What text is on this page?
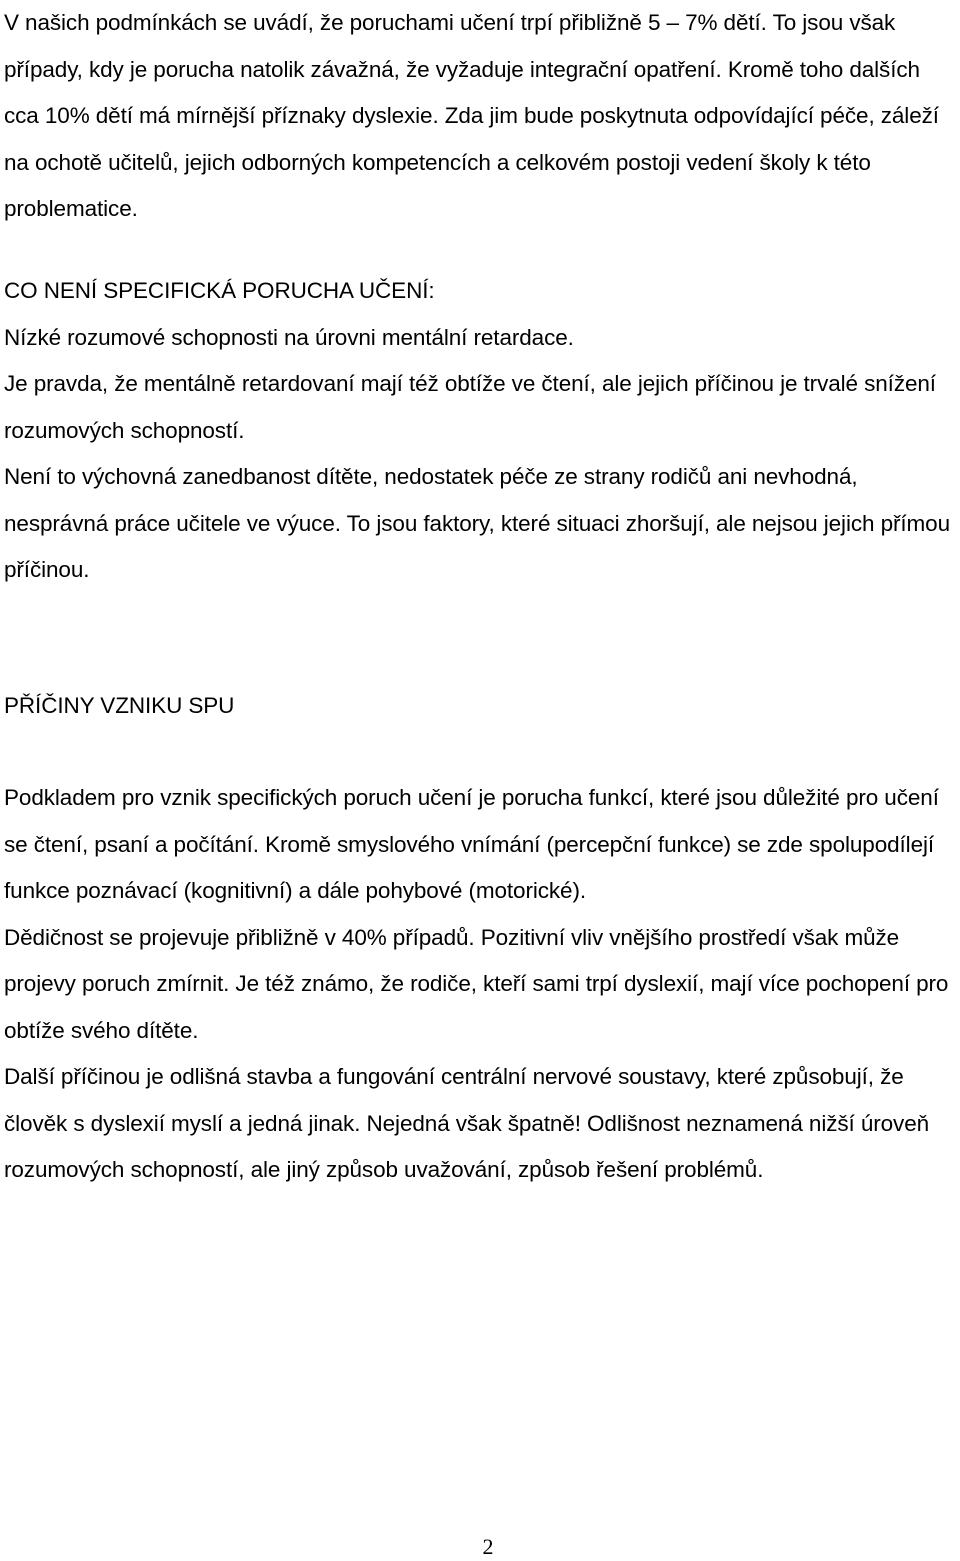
V našich podmínkách se uvádí, že poruchami učení trpí přibližně 5 – 7% dětí. To jsou však případy, kdy je porucha natolik závažná, že vyžaduje integrační opatření. Kromě toho dalších cca 10% dětí má mírnější příznaky dyslexie. Zda jim bude poskytnuta odpovídající péče, záleží na ochotě učitelů, jejich odborných kompetencích a celkovém postoji vedení školy k této problematice.

CO NENÍ SPECIFICKÁ PORUCHA UČENÍ:

Nízké rozumové schopnosti na úrovni mentální retardace.

Je pravda, že mentálně retardovaní mají též obtíže ve čtení, ale jejich příčinou je trvalé snížení rozumových schopností.

Není to výchovná zanedbanost dítěte, nedostatek péče ze strany rodičů ani nevhodná, nesprávná práce učitele ve výuce. To jsou faktory, které situaci zhoršují, ale nejsou jejich přímou příčinou.

PŘÍČINY VZNIKU SPU

Podkladem pro vznik specifických poruch učení je porucha funkcí, které jsou důležité pro učení se čtení, psaní a počítání. Kromě smyslového vnímání (percepční funkce) se zde spolupodílejí funkce poznávací (kognitivní) a dále pohybové (motorické).

Dědičnost se projevuje přibližně v 40% případů. Pozitivní vliv vnějšího prostředí však může projevy poruch zmírnit. Je též známo, že rodiče, kteří sami trpí dyslexií, mají více pochopení pro obtíže svého dítěte.

Další příčinou je odlišná stavba a fungování centrální nervové soustavy, které způsobují, že člověk s dyslexií myslí a jedná jinak. Nejedná však špatně! Odlišnost neznamená nižší úroveň rozumových schopností, ale jiný způsob uvažování, způsob řešení problémů.

2
